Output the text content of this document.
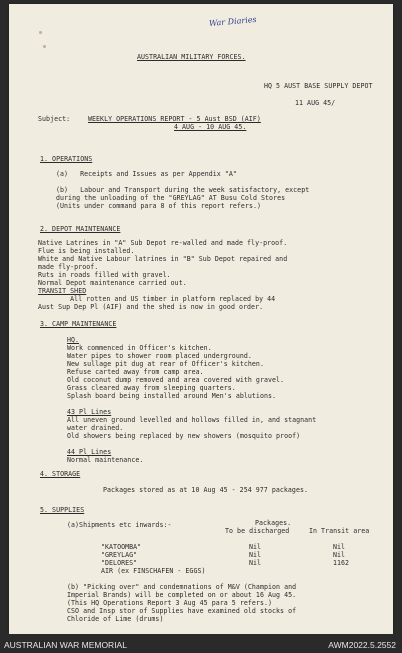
War Diaries
AUSTRALIAN MILITARY FORCES.
HQ 5 AUST BASE SUPPLY DEPOT
11 AUG 45/
Subject:	WEEKLY OPERATIONS REPORT - 5 Aust BSD (AIF)
4 AUG - 10 AUG 45.
1. OPERATIONS
(a)   Receipts and Issues as per Appendix "A"
(b)   Labour and Transport during the week satisfactory, except
during the unloading of the "GREYLAG" AT Busu Cold Stores
(Units under command para 8 of this report refers.)
2. DEPOT MAINTENANCE
Native Latrines in "A" Sub Depot re-walled and made fly-proof.
Flue is being installed.
White and Native Labour latrines in "B" Sub Depot repaired and
made fly-proof.
Ruts in roads filled with gravel.
Normal Depot maintenance carried out.
TRANSIT SHED
All rotten and US timber in platform replaced by 44
Aust Sup Dep Pl (AIF) and the shed is now in good order.
3. CAMP MAINTENANCE
HQ.
Work commenced in Officer's kitchen.
Water pipes to shower room placed underground.
New sullage pit dug at rear of Officer's kitchen.
Refuse carted away from camp area.
Old coconut dump removed and area covered with gravel.
Grass cleared away from sleeping quarters.
Splash board being installed around Men's ablutions.
43 Pl Lines
All uneven ground levelled and hollows filled in, and stagnant
water drained.
Old showers being replaced by new showers (mosquito proof)
44 Pl Lines
Normal maintenance.
4. STORAGE
Packages stored as at 10 Aug 45 - 254 977 packages.
5. SUPPLIES
(a)Shipments etc inwards:-	Packages.
To be discharged	In Transit area
"KATOOMBA"	Nil	Nil
"GREYLAG"	Nil	Nil
"DELORES"	Nil	1162
AIR (ex FINSCHAFEN - EGGS)
(b) "Picking over" and condemnations of M&V (Champion and
Imperial Brands) will be completed on or about 16 Aug 45.
(This HQ Operations Report 3 Aug 45 para 5 refers.)
CSO and Insp stor of Supplies have examined old stocks of
Chloride of Lime (drums)
AUSTRALIAN WAR MEMORIAL	AWM2022.5.2552
